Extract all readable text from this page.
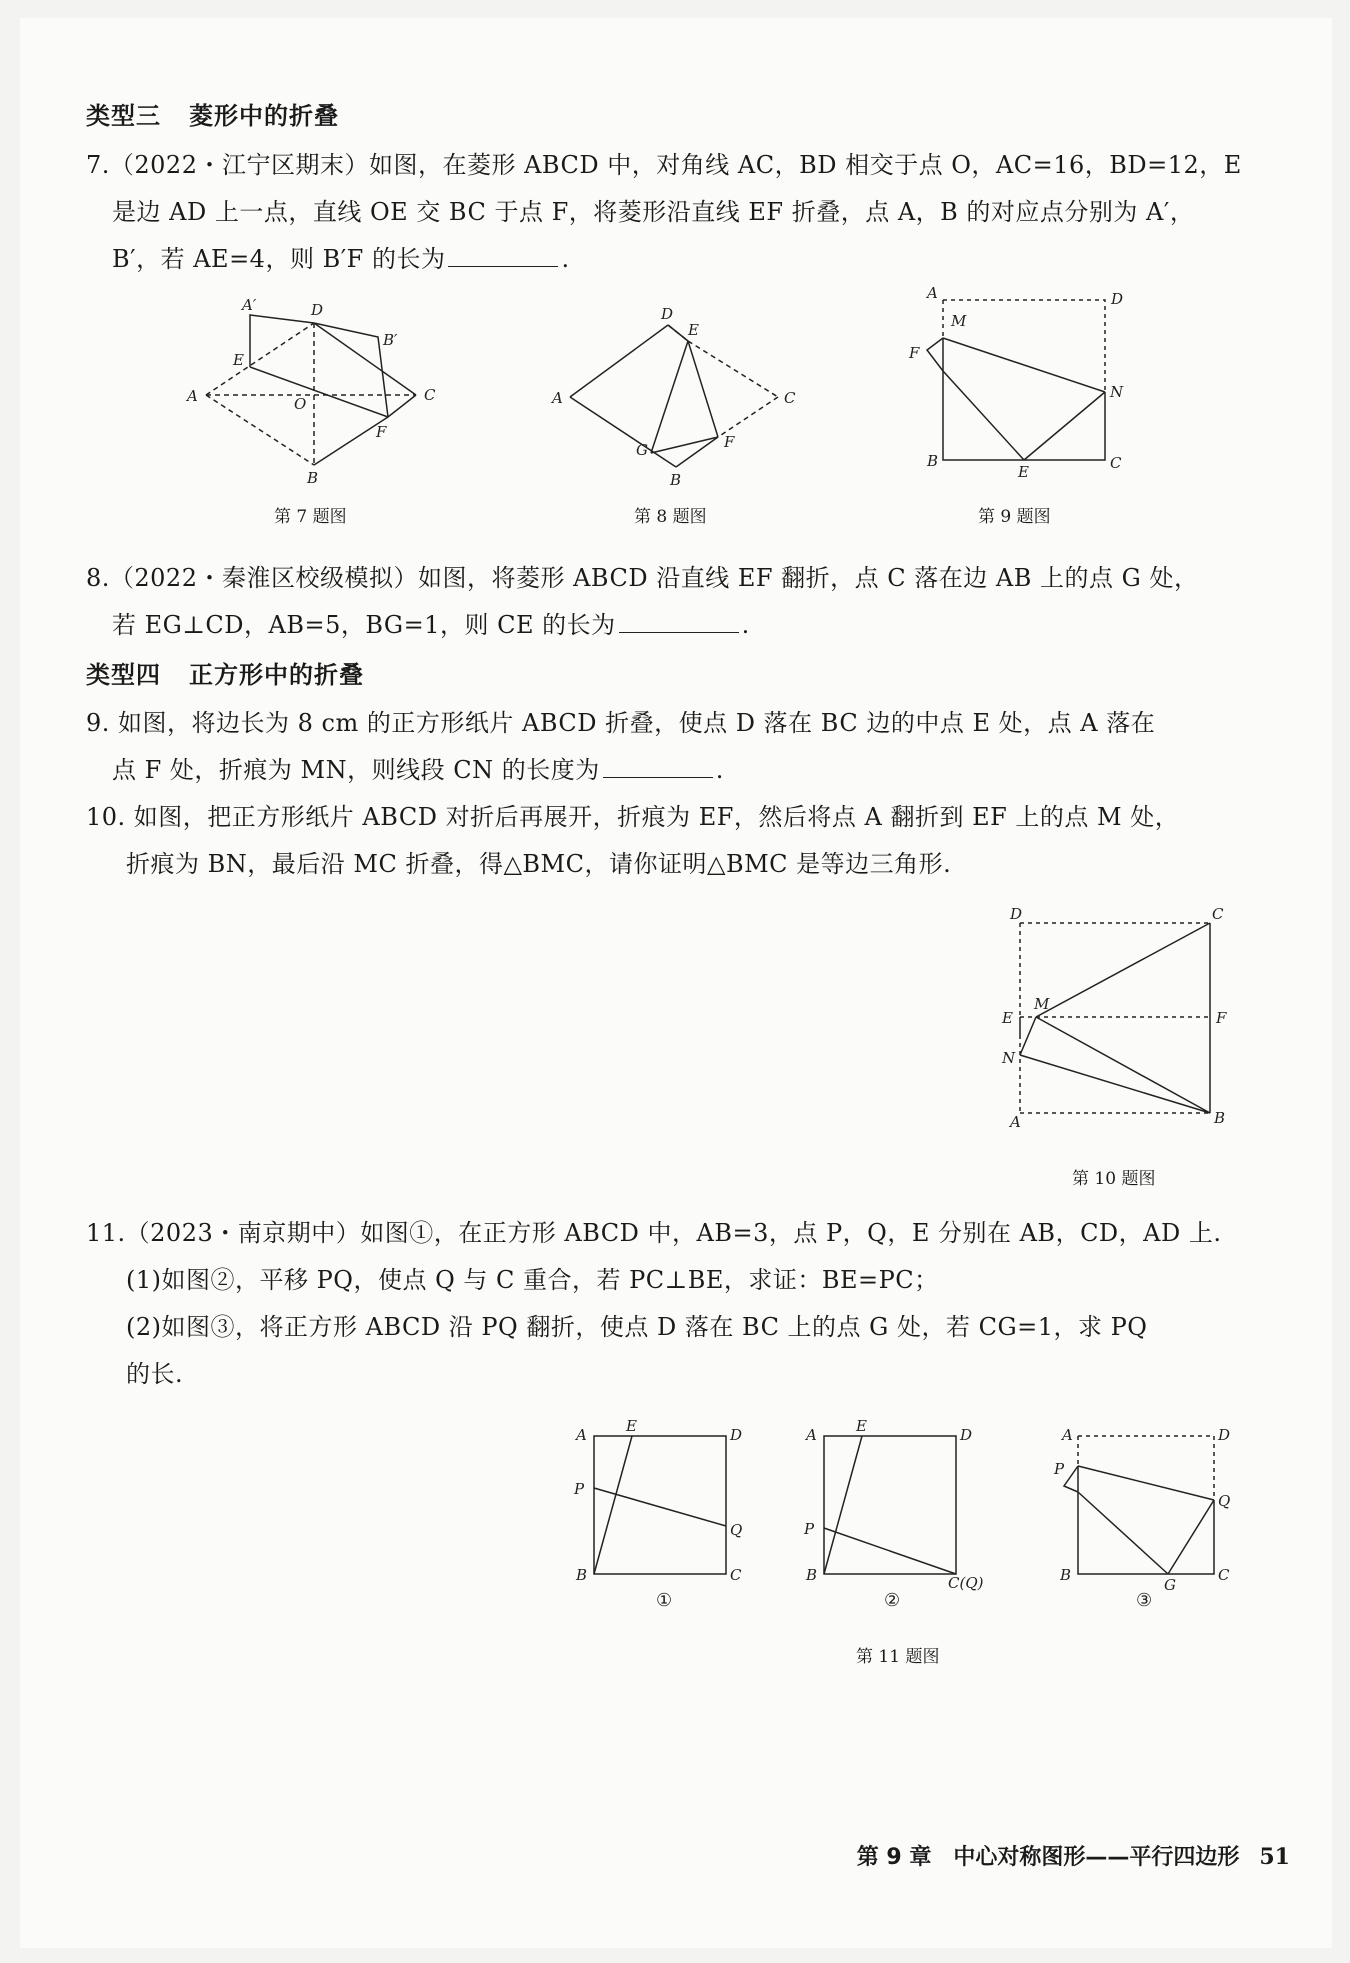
类型三 菱形中的折叠
7.（2022・江宁区期末）如图，在菱形 ABCD 中，对角线 AC，BD 相交于点 O，AC=16，BD=12，E
是边 AD 上一点，直线 OE 交 BC 于点 F，将菱形沿直线 EF 折叠，点 A，B 的对应点分别为 A′，
B′，若 AE=4，则 B′F 的长为	.
A′	D
B′
E
A	O	C
F
B
第 7 题图
D
E
A	C
F
G
B
第 8 题图
A	D
M
F
N
B
E	C
第 9 题图
8.（2022・秦淮区校级模拟）如图，将菱形 ABCD 沿直线 EF 翻折，点 C 落在边 AB 上的点 G 处，
若 EG⊥CD，AB=5，BG=1，则 CE 的长为	.
类型四 正方形中的折叠
9. 如图，将边长为 8 cm 的正方形纸片 ABCD 折叠，使点 D 落在 BC 边的中点 E 处，点 A 落在
点 F 处，折痕为 MN，则线段 CN 的长度为	.
10. 如图，把正方形纸片 ABCD 对折后再展开，折痕为 EF，然后将点 A 翻折到 EF 上的点 M 处，
折痕为 BN，最后沿 MC 折叠，得△BMC，请你证明△BMC 是等边三角形.
D	C
E
M
F
N
A	B
第 10 题图
11.（2023・南京期中）如图①，在正方形 ABCD 中，AB=3，点 P，Q，E 分别在 AB，CD，AD 上.
(1)如图②，平移 PQ，使点 Q 与 C 重合，若 PC⊥BE，求证：BE=PC；
(2)如图③，将正方形 ABCD 沿 PQ 翻折，使点 D 落在 BC 上的点 G 处，若 CG=1，求 PQ
的长.
A	E	D
P
Q
B	C
①
A	E	D
P
B	C(Q)
②
A	D
P
Q
B
G
C
③
第 11 题图
第 9 章　中心对称图形——平行四边形 51
